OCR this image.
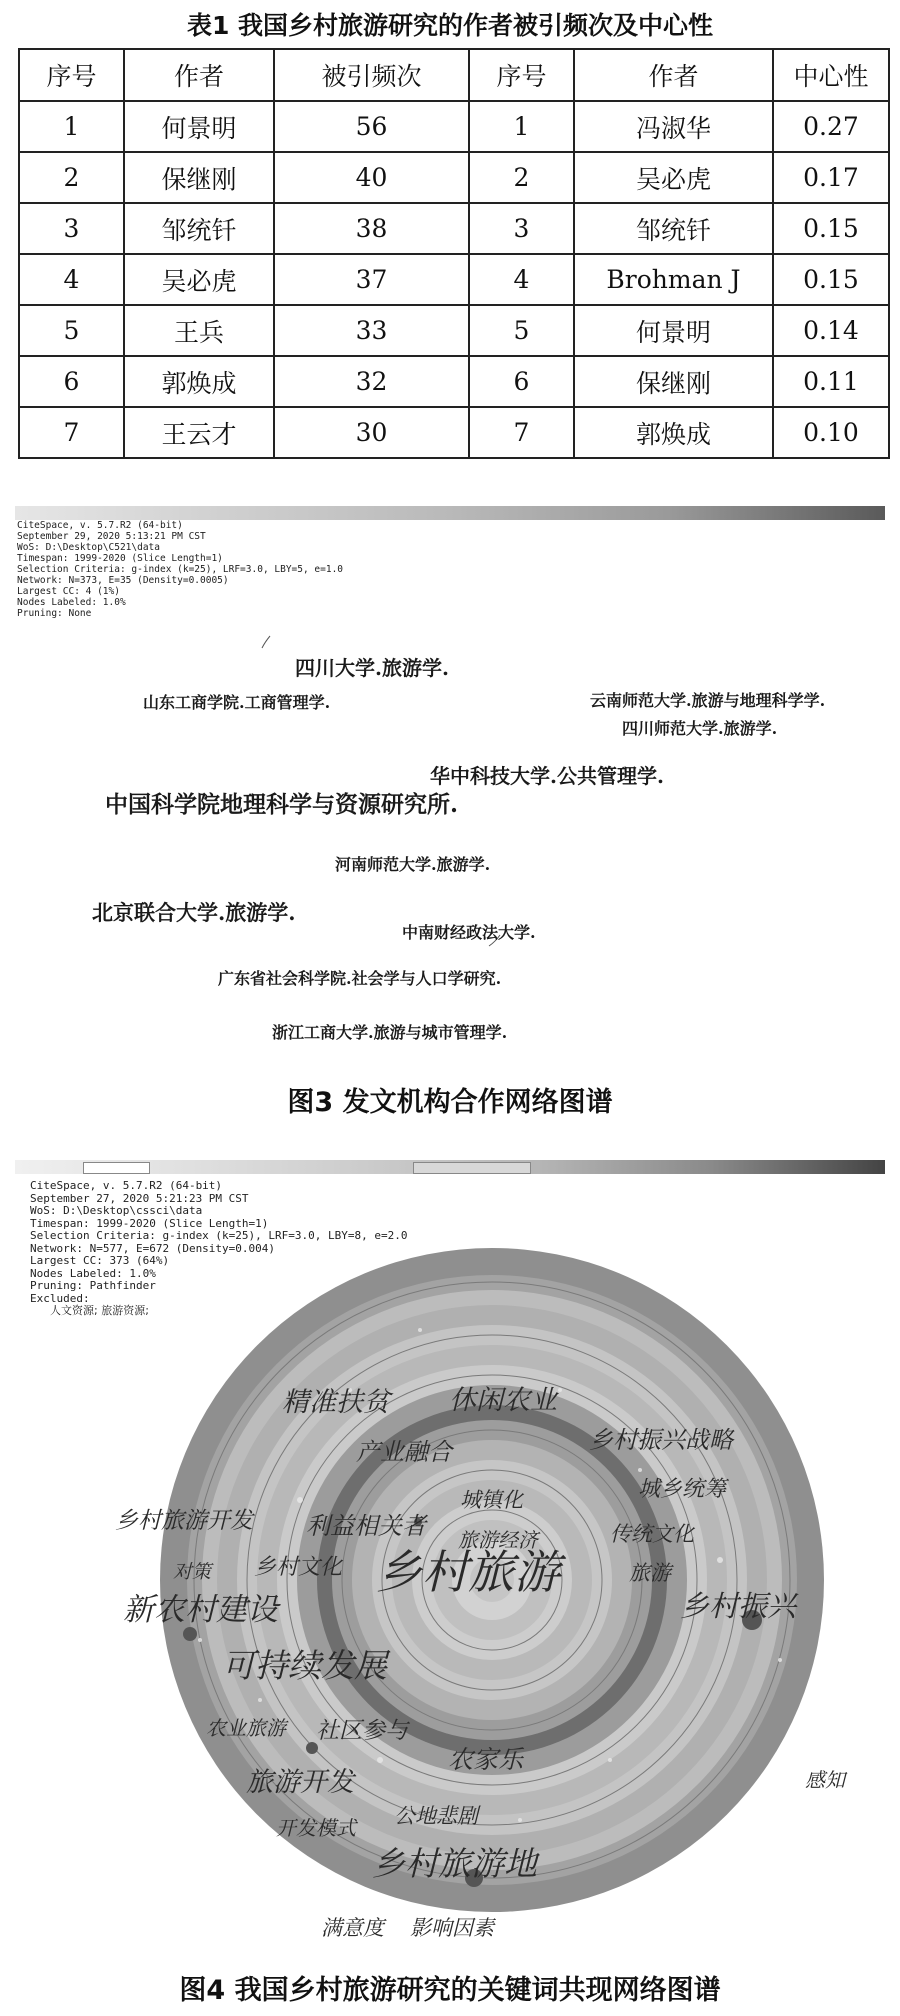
表1 我国乡村旅游研究的作者被引频次及中心性
序号	作者	被引频次	序号	作者	中心性
1	何景明	56	1	冯淑华	0.27
2	保继刚	40	2	吴必虎	0.17
3	邹统钎	38	3	邹统钎	0.15
4	吴必虎	37	4	Brohman J	0.15
5	王兵	33	5	何景明	0.14
6	郭焕成	32	6	保继刚	0.11
7	王云才	30	7	郭焕成	0.10
CiteSpace, v. 5.7.R2 (64-bit)
September 29, 2020 5:13:21 PM CST
WoS: D:\Desktop\C521\data
Timespan: 1999-2020 (Slice Length=1)
Selection Criteria: g-index (k=25), LRF=3.0, LBY=5, e=1.0
Network: N=373, E=35 (Density=0.0005)
Largest CC: 4 (1%)
Nodes Labeled: 1.0%
Pruning: None
四川大学.旅游学.
山东工商学院.工商管理学.	云南师范大学.旅游与地理科学学.
四川师范大学.旅游学.
华中科技大学.公共管理学.
中国科学院地理科学与资源研究所.
河南师范大学.旅游学.
北京联合大学.旅游学.
中南财经政法大学.
广东省社会科学院.社会学与人口学研究.
浙江工商大学.旅游与城市管理学.
图3 发文机构合作网络图谱
CiteSpace, v. 5.7.R2 (64-bit)
September 27, 2020 5:21:23 PM CST
WoS: D:\Desktop\cssci\data
Timespan: 1999-2020 (Slice Length=1)
Selection Criteria: g-index (k=25), LRF=3.0, LBY=8, e=2.0
Network: N=577, E=672 (Density=0.004)
Largest CC: 373 (64%)
Nodes Labeled: 1.0%
Pruning: Pathfinder
Excluded:
人文资源; 旅游资源;
精准扶贫 休闲农业
产业融合	乡村振兴战略
城镇化	城乡统筹
乡村旅游开发 利益相关者 旅游经济	传统文化
对策 乡村文化 乡村旅游	旅游
乡村振兴
新农村建设
可持续发展
农业旅游 社区参与
农家乐
旅游开发	感知
开发模式 公地悲剧
乡村旅游地
满意度 影响因素
图4 我国乡村旅游研究的关键词共现网络图谱
